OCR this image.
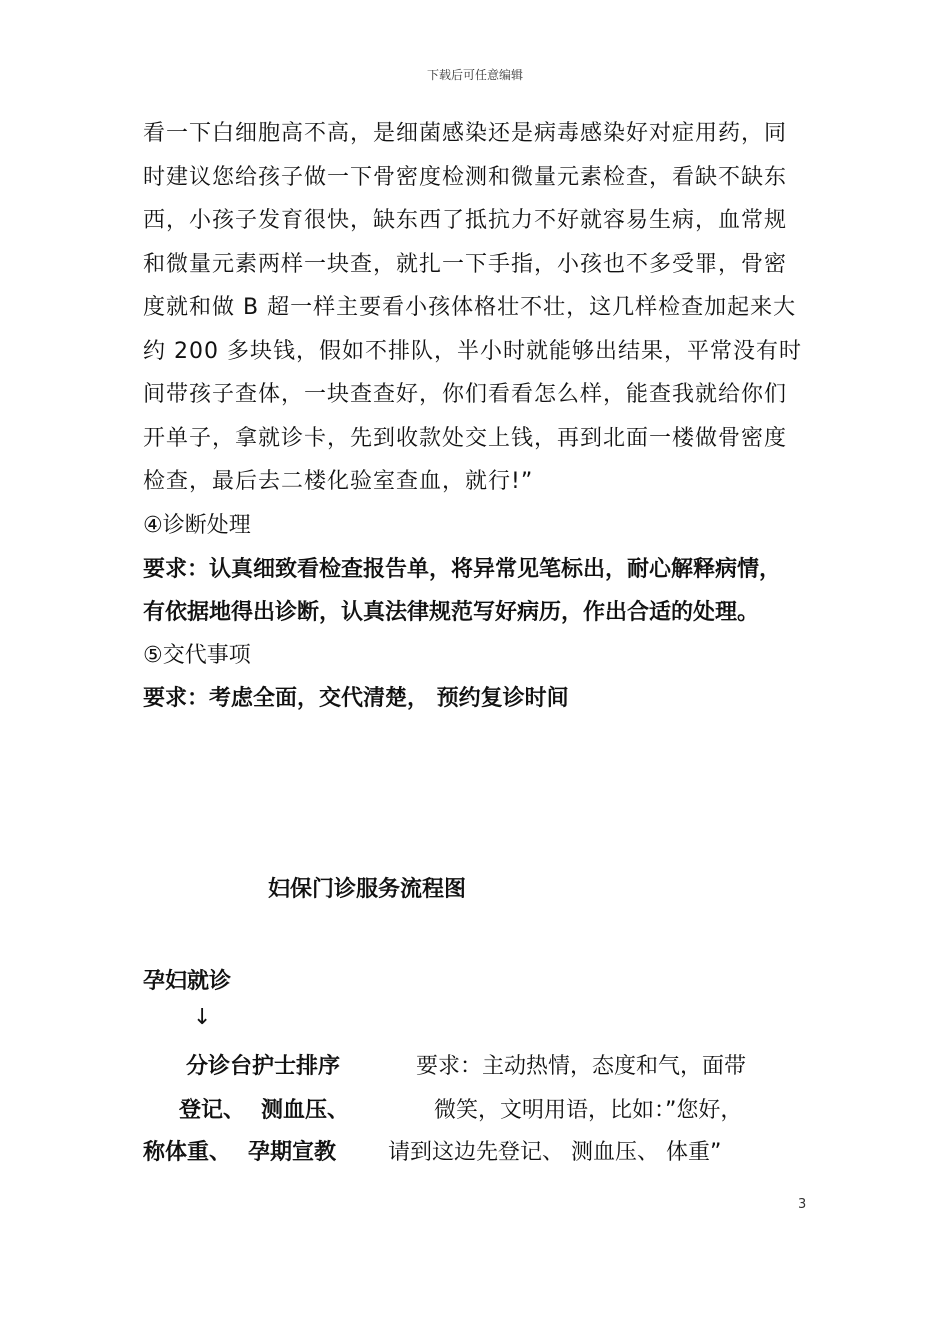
下载后可任意编辑
看一下白细胞高不高，是细菌感染还是病毒感染好对症用药，同
时建议您给孩子做一下骨密度检测和微量元素检查，看缺不缺东
西，小孩子发育很快，缺东西了抵抗力不好就容易生病，血常规
和微量元素两样一块查，就扎一下手指，小孩也不多受罪，骨密
度就和做 B 超一样主要看小孩体格壮不壮，这几样检查加起来大
约 200 多块钱，假如不排队，半小时就能够出结果，平常没有时
间带孩子查体，一块查查好，你们看看怎么样，能查我就给你们
开单子，拿就诊卡，先到收款处交上钱，再到北面一楼做骨密度
检查，最后去二楼化验室查血，就行!”
④诊断处理
要求：认真细致看检查报告单，将异常见笔标出，耐心解释病情，
有依据地得出诊断，认真法律规范写好病历，作出合适的处理。
⑤交代事项
要求：考虑全面，交代清楚， 预约复诊时间
妇保门诊服务流程图
孕妇就诊
↓
分诊台护士排序	要求：主动热情，态度和气，面带
登记、 测血压、	微笑，文明用语，比如：”您好，
称体重、 孕期宣教 请到这边先登记、 测血压、 体重”
3
